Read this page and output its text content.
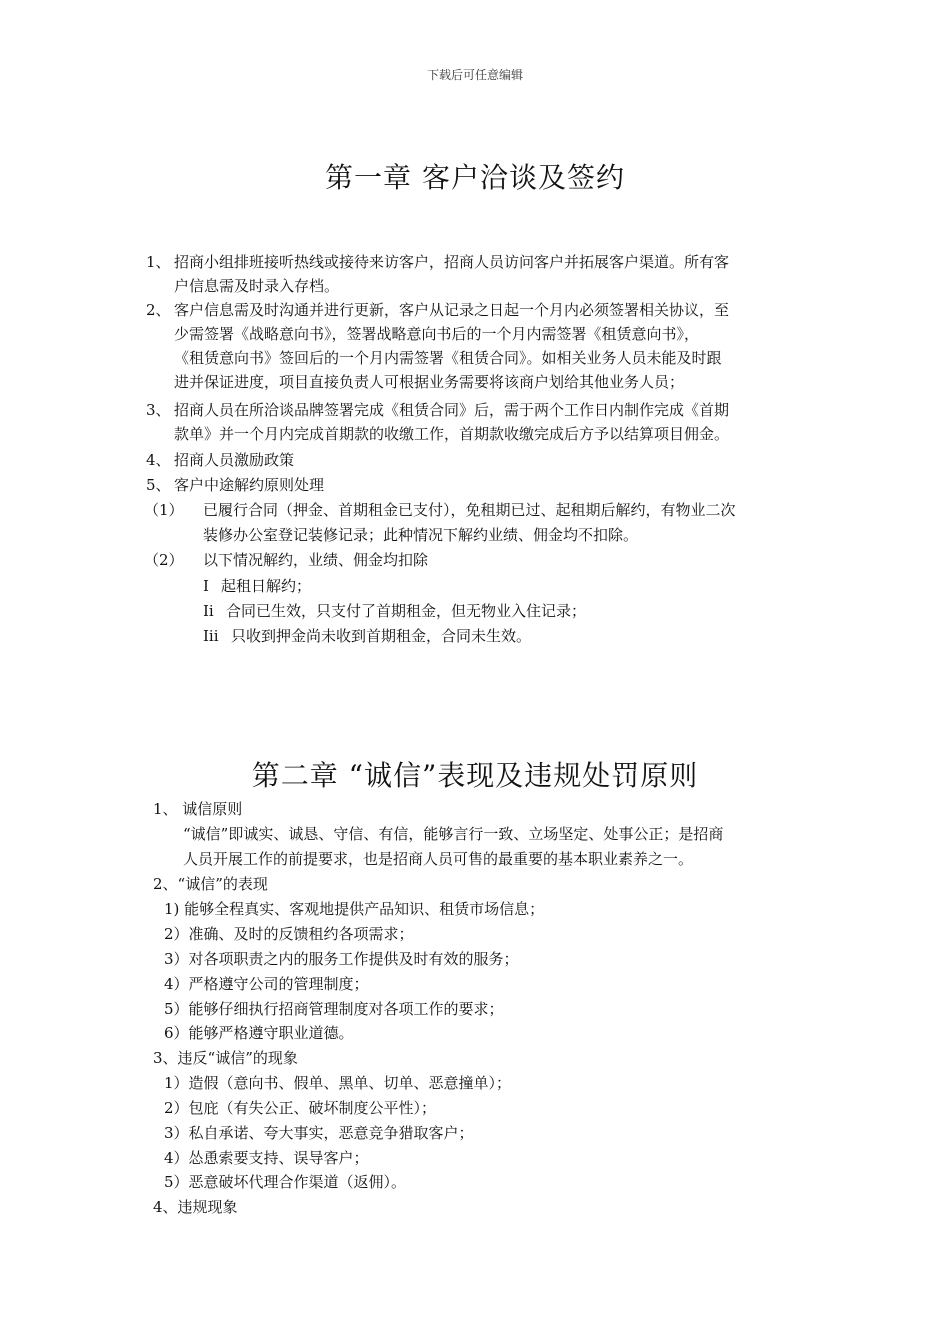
下载后可任意编辑
第一章 客户洽谈及签约
1、 招商小组排班接听热线或接待来访客户，招商人员访问客户并拓展客户渠道。所有客
户信息需及时录入存档。
2、 客户信息需及时沟通并进行更新，客户从记录之日起一个月内必须签署相关协议，至
少需签署《战略意向书》，签署战略意向书后的一个月内需签署《租赁意向书》，
《租赁意向书》签回后的一个月内需签署《租赁合同》。如相关业务人员未能及时跟
进并保证进度，项目直接负责人可根据业务需要将该商户划给其他业务人员；
3、 招商人员在所洽谈品牌签署完成《租赁合同》后，需于两个工作日内制作完成《首期
款单》并一个月内完成首期款的收缴工作，首期款收缴完成后方予以结算项目佣金。
4、 招商人员激励政策
5、 客户中途解约原则处理
（1） 已履行合同（押金、首期租金已支付），免租期已过、起租期后解约，有物业二次
装修办公室登记装修记录；此种情况下解约业绩、佣金均不扣除。
（2） 以下情况解约，业绩、佣金均扣除
I 起租日解约；
Ii 合同已生效，只支付了首期租金，但无物业入住记录；
Iii 只收到押金尚未收到首期租金，合同未生效。
第二章 “诚信”表现及违规处罚原则
1、 诚信原则
“诚信”即诚实、诚恳、守信、有信，能够言行一致、立场坚定、处事公正；是招商
人员开展工作的前提要求，也是招商人员可售的最重要的基本职业素养之一。
2、“诚信”的表现
1) 能够全程真实、客观地提供产品知识、租赁市场信息；
2）准确、及时的反馈租约各项需求；
3）对各项职责之内的服务工作提供及时有效的服务；
4）严格遵守公司的管理制度；
5）能够仔细执行招商管理制度对各项工作的要求；
6）能够严格遵守职业道德。
3、违反“诚信”的现象
1）造假（意向书、假单、黑单、切单、恶意撞单）；
2）包庇（有失公正、破坏制度公平性）；
3）私自承诺、夸大事实，恶意竞争猎取客户；
4）怂恿索要支持、误导客户；
5）恶意破坏代理合作渠道（返佣）。
4、违规现象
